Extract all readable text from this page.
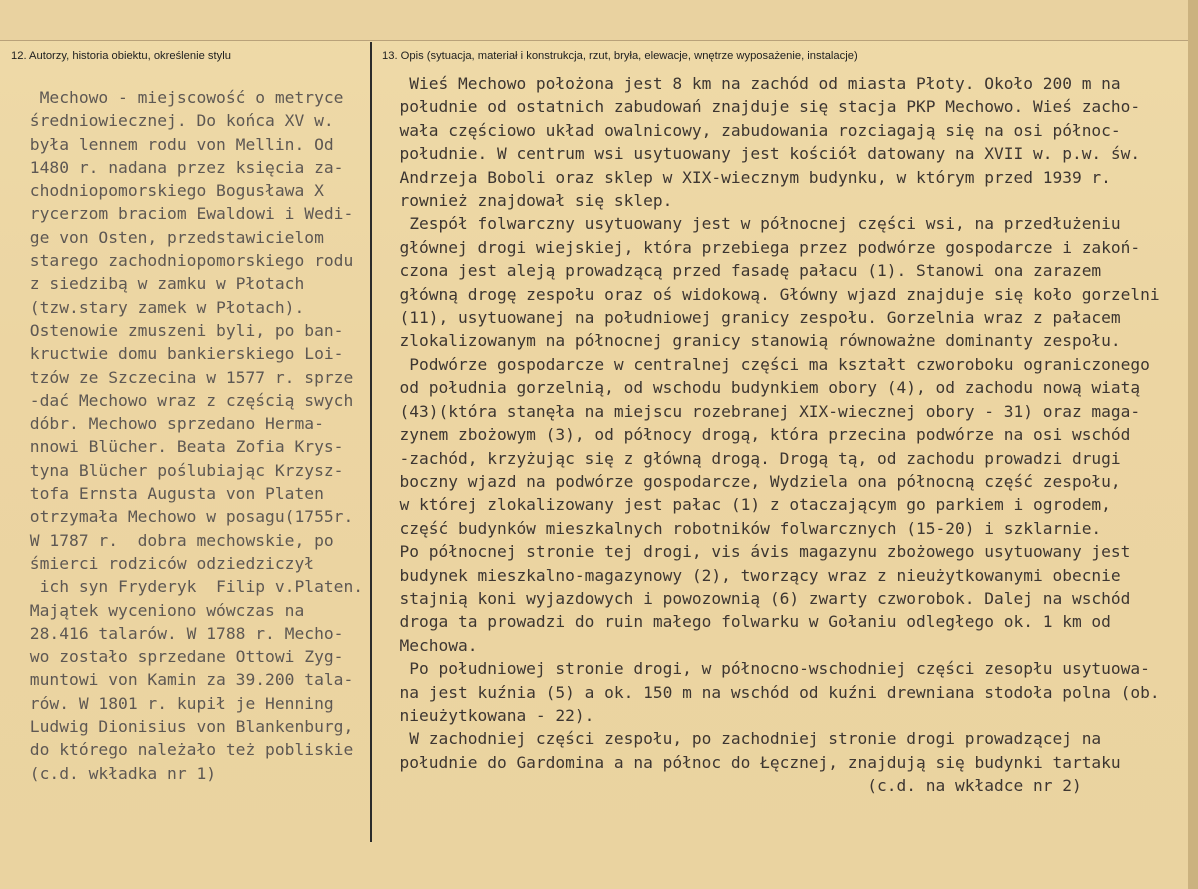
12. Autorzy, historia obiektu, określenie stylu	13. Opis (sytuacja, materiał i konstrukcja, rzut, bryła, elewacje, wnętrze wyposażenie, instalacje)
Mechowo - miejscowość o metryce
średniowiecznej. Do końca XV w.
była lennem rodu von Mellin. Od
1480 r. nadana przez księcia za-
chodniopomorskiego Bogusława X
rycerzom braciom Ewaldowi i Wedi-
ge von Osten, przedstawicielom
starego zachodniopomorskiego rodu
z siedzibą w zamku w Płotach
(tzw.stary zamek w Płotach).
Ostenowie zmuszeni byli, po ban-
kructwie domu bankierskiego Loi-
tzów ze Szczecina w 1577 r. sprze
-dać Mechowo wraz z częścią swych
dóbr. Mechowo sprzedano Herma-
nnowi Blücher. Beata Zofia Krys-
tyna Blücher poślubiając Krzysz-
tofa Ernsta Augusta von Platen
otrzymała Mechowo w posagu(1755r.
W 1787 r.  dobra mechowskie, po
śmierci rodziców odziedziczył
ich syn Fryderyk  Filip v.Platen.
Majątek wyceniono wówczas na
28.416 talarów. W 1788 r. Mecho-
wo zostało sprzedane Ottowi Zyg-
muntowi von Kamin za 39.200 tala-
rów. W 1801 r. kupił je Henning
Ludwig Dionisius von Blankenburg,
do którego należało też pobliskie
(c.d. wkładka nr 1)
Wieś Mechowo położona jest 8 km na zachód od miasta Płoty. Około 200 m na
południe od ostatnich zabudowań znajduje się stacja PKP Mechowo. Wieś zacho-
wała częściowo układ owalnicowy, zabudowania rozciagają się na osi północ-
południe. W centrum wsi usytuowany jest kościół datowany na XVII w. p.w. św.
Andrzeja Boboli oraz sklep w XIX-wiecznym budynku, w którym przed 1939 r.
rownież znajdował się sklep.
Zespół folwarczny usytuowany jest w północnej części wsi, na przedłużeniu
głównej drogi wiejskiej, która przebiega przez podwórze gospodarcze i zakoń-
czona jest aleją prowadzącą przed fasadę pałacu (1). Stanowi ona zarazem
główną drogę zespołu oraz oś widokową. Główny wjazd znajduje się koło gorzelni
(11), usytuowanej na południowej granicy zespołu. Gorzelnia wraz z pałacem
zlokalizowanym na północnej granicy stanowią równoważne dominanty zespołu.
Podwórze gospodarcze w centralnej części ma kształt czworoboku ograniczonego
od południa gorzelnią, od wschodu budynkiem obory (4), od zachodu nową wiatą
(43)(która stanęła na miejscu rozebranej XIX-wiecznej obory - 31) oraz maga-
zynem zbożowym (3), od północy drogą, która przecina podwórze na osi wschód
-zachód, krzyżując się z główną drogą. Drogą tą, od zachodu prowadzi drugi
boczny wjazd na podwórze gospodarcze, Wydziela ona północną część zespołu,
w której zlokalizowany jest pałac (1) z otaczającym go parkiem i ogrodem,
część budynków mieszkalnych robotników folwarcznych (15-20) i szklarnie.
Po północnej stronie tej drogi, vis ávis magazynu zbożowego usytuowany jest
budynek mieszkalno-magazynowy (2), tworzący wraz z nieużytkowanymi obecnie
stajnią koni wyjazdowych i powozownią (6) zwarty czworobok. Dalej na wschód
droga ta prowadzi do ruin małego folwarku w Gołaniu odległego ok. 1 km od
Mechowa.
Po południowej stronie drogi, w północno-wschodniej części zesopłu usytuowa-
na jest kuźnia (5) a ok. 150 m na wschód od kuźni drewniana stodoła polna (ob.
nieużytkowana - 22).
W zachodniej części zespołu, po zachodniej stronie drogi prowadzącej na
południe do Gardomina a na północ do Łęcznej, znajdują się budynki tartaku
(c.d. na wkładce nr 2)
